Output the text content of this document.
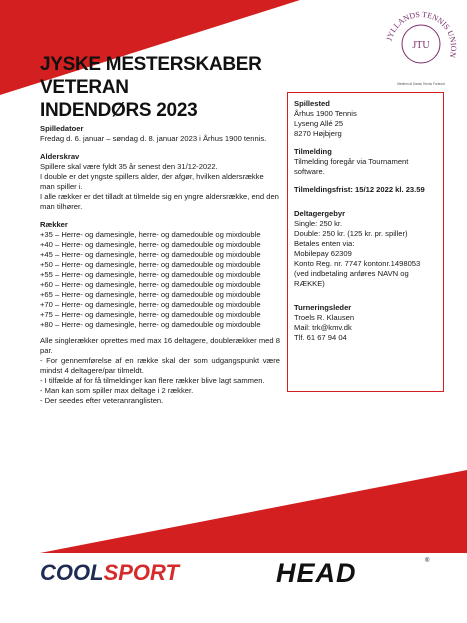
JTU
JYLLANDS TENNIS UNION
Medlem af Dansk Tennis Forbund
JYSKE MESTERSKABER VETERAN
INDENDØRS 2023
Spilledatoer

Fredag d. 6. januar – søndag d. 8. januar 2023 i Århus 1900 tennis.

Alderskrav

Spillere skal være fyldt 35 år senest den 31/12-2022.

I double er det yngste spillers alder, der afgør, hvilken aldersrække man spiller i.

I alle rækker er det tilladt at tilmelde sig en yngre aldersrække, end den man tilhører.

Rækker
+35 – Herre- og damesingle, herre- og damedouble og mixdouble
+40 – Herre- og damesingle, herre- og damedouble og mixdouble
+45 – Herre- og damesingle, herre- og damedouble og mixdouble
+50 – Herre- og damesingle, herre- og damedouble og mixdouble
+55 – Herre- og damesingle, herre- og damedouble og mixdouble
+60 – Herre- og damesingle, herre- og damedouble og mixdouble
+65 – Herre- og damesingle, herre- og damedouble og mixdouble
+70 – Herre- og damesingle, herre- og damedouble og mixdouble
+75 – Herre- og damesingle, herre- og damedouble og mixdouble
+80 – Herre- og damesingle, herre- og damedouble og mixdouble

Alle singlerækker oprettes med max 16 deltagere, doublerækker med 8 par.

- For gennemførelse af en række skal der som udgangspunkt være mindst 4 deltagere/par tilmeldt.

- I tilfælde af for få tilmeldinger kan flere rækker blive lagt sammen.

- Man kan som spiller max deltage i 2 rækker.

- Der seedes efter veteranranglisten.

Spillested

Århus 1900 Tennis

Lyseng Allé 25

8270 Højbjerg

Tilmelding

Tilmelding foregår via Tournament software.

Tilmeldingsfrist: 15/12 2022 kl. 23.59
Deltagergebyr

Single: 250 kr.

Double: 250 kr. (125 kr. pr. spiller)

Betales enten via:

Mobilepay 62309

Konto Reg. nr. 7747 kontonr.1498053

(ved indbetaling anføres NAVN og RÆKKE)

Turneringsleder

Troels R. Klausen

Mail: trk@kmv.dk

Tlf. 61 67 94 04

COOLSPORT	HEAD	®
